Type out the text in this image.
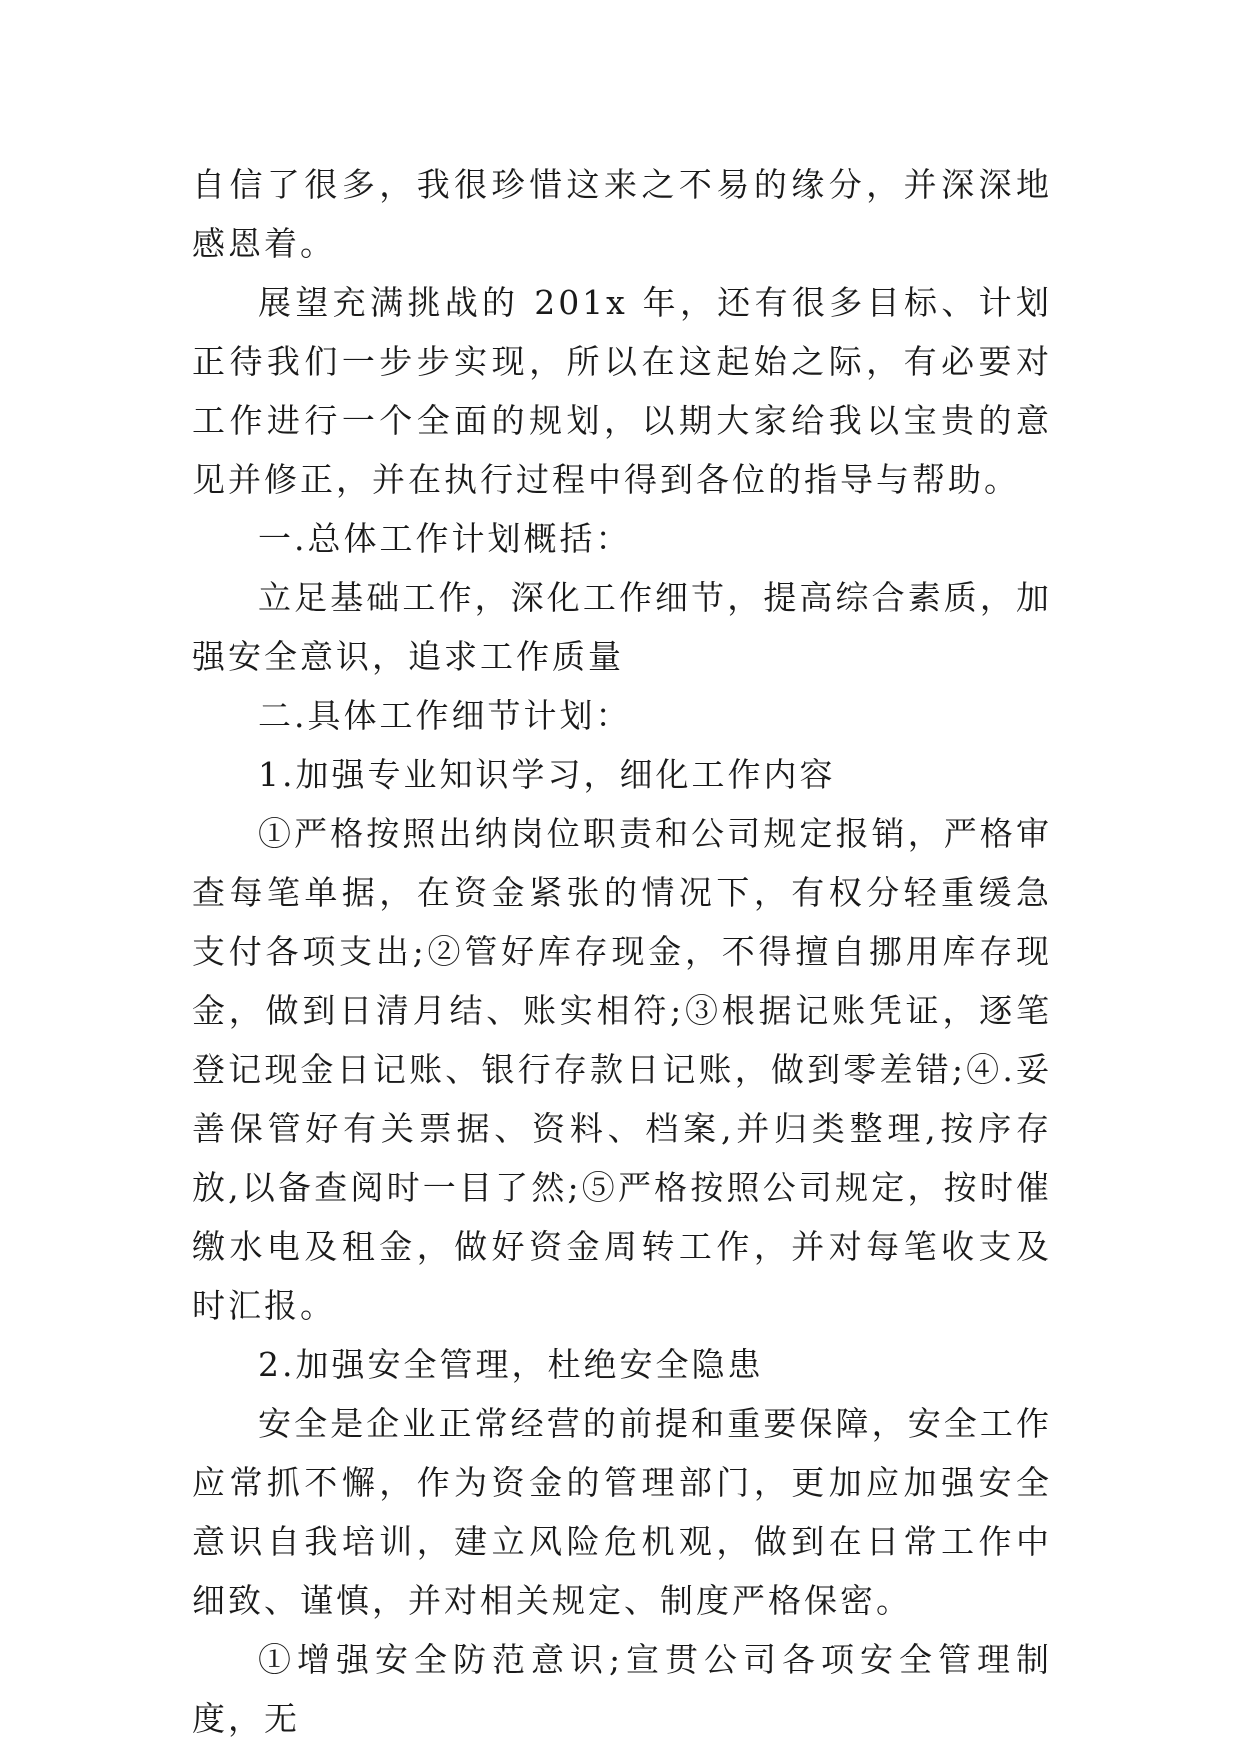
自信了很多，我很珍惜这来之不易的缘分，并深深地感恩着。

展望充满挑战的 201x 年，还有很多目标、计划正待我们一步步实现，所以在这起始之际，有必要对工作进行一个全面的规划，以期大家给我以宝贵的意见并修正，并在执行过程中得到各位的指导与帮助。

一.总体工作计划概括：

立足基础工作，深化工作细节，提高综合素质，加强安全意识，追求工作质量

二.具体工作细节计划：

1.加强专业知识学习，细化工作内容

①严格按照出纳岗位职责和公司规定报销，严格审查每笔单据，在资金紧张的情况下，有权分轻重缓急支付各项支出;②管好库存现金，不得擅自挪用库存现金，做到日清月结、账实相符;③根据记账凭证，逐笔登记现金日记账、银行存款日记账，做到零差错;④.妥善保管好有关票据、资料、档案,并归类整理,按序存放,以备查阅时一目了然;⑤严格按照公司规定，按时催缴水电及租金，做好资金周转工作，并对每笔收支及时汇报。

2.加强安全管理，杜绝安全隐患

安全是企业正常经营的前提和重要保障，安全工作应常抓不懈，作为资金的管理部门，更加应加强安全意识自我培训，建立风险危机观，做到在日常工作中细致、谨慎，并对相关规定、制度严格保密。

①增强安全防范意识;宣贯公司各项安全管理制度，无
